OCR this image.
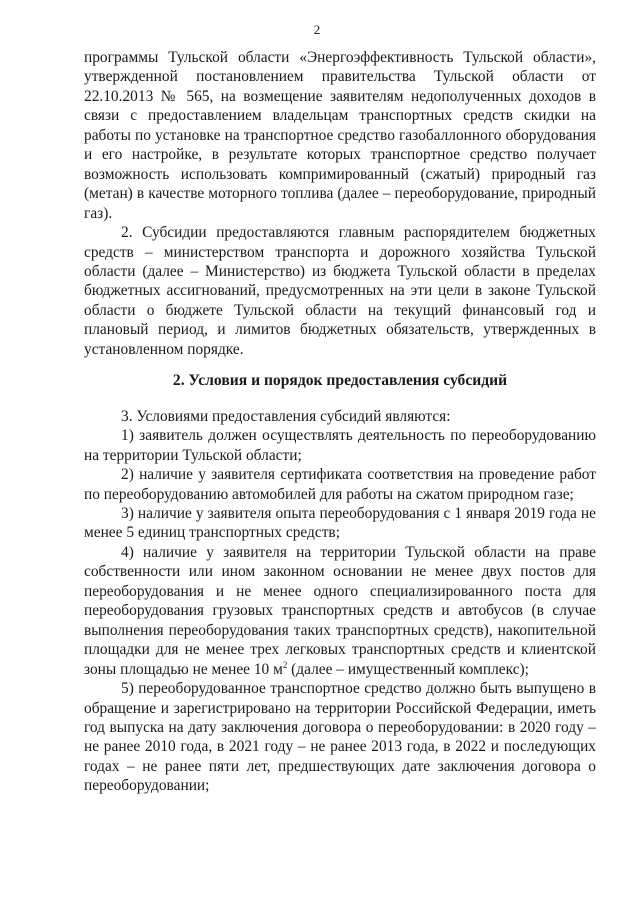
2

программы Тульской области «Энергоэффективность Тульской области», утвержденной постановлением правительства Тульской области от 22.10.2013 № 565, на возмещение заявителям недополученных доходов в связи с предоставлением владельцам транспортных средств скидки на работы по установке на транспортное средство газобаллонного оборудования и его настройке, в результате которых транспортное средство получает возможность использовать компримированный (сжатый) природный газ (метан) в качестве моторного топлива (далее – переоборудование, природный газ).

2. Субсидии предоставляются главным распорядителем бюджетных средств – министерством транспорта и дорожного хозяйства Тульской области (далее – Министерство) из бюджета Тульской области в пределах бюджетных ассигнований, предусмотренных на эти цели в законе Тульской области о бюджете Тульской области на текущий финансовый год и плановый период, и лимитов бюджетных обязательств, утвержденных в установленном порядке.

2. Условия и порядок предоставления субсидий

3. Условиями предоставления субсидий являются:

1) заявитель должен осуществлять деятельность по переоборудованию на территории Тульской области;

2) наличие у заявителя сертификата соответствия на проведение работ по переоборудованию автомобилей для работы на сжатом природном газе;

3) наличие у заявителя опыта переоборудования с 1 января 2019 года не менее 5 единиц транспортных средств;

4) наличие у заявителя на территории Тульской области на праве собственности или ином законном основании не менее двух постов для переоборудования и не менее одного специализированного поста для переоборудования грузовых транспортных средств и автобусов (в случае выполнения переоборудования таких транспортных средств), накопительной площадки для не менее трех легковых транспортных средств и клиентской зоны площадью не менее 10 $м^2$ (далее – имущественный комплекс);

5) переоборудованное транспортное средство должно быть выпущено в обращение и зарегистрировано на территории Российской Федерации, иметь год выпуска на дату заключения договора о переоборудовании: в 2020 году – не ранее 2010 года, в 2021 году – не ранее 2013 года, в 2022 и последующих годах – не ранее пяти лет, предшествующих дате заключения договора о переоборудовании;
